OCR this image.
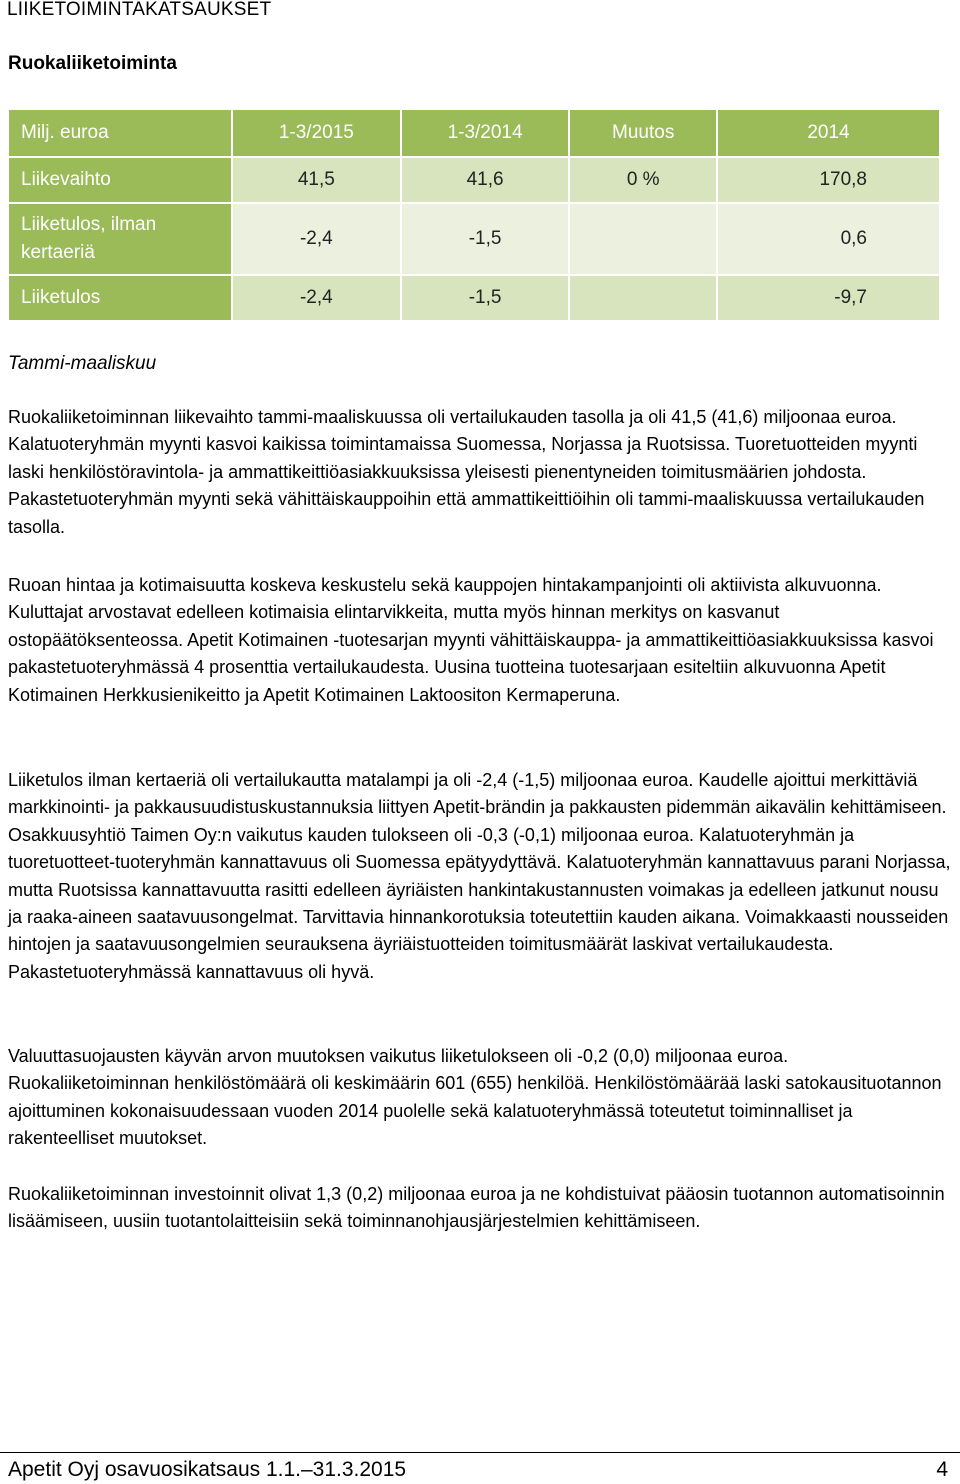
LIIKETOIMINTAKATSAUKSET
Ruokaliiketoiminta
Milj. euroa	1-3/2015	1-3/2014	Muutos	2014
Liikevaihto	41,5	41,6	0 %	170,8
Liiketulos, ilman kertaeriä	-2,4	-1,5		0,6
Liiketulos	-2,4	-1,5		-9,7
Tammi-maaliskuu

Ruokaliiketoiminnan liikevaihto tammi-maaliskuussa oli vertailukauden tasolla ja oli 41,5 (41,6) miljoonaa euroa. Kalatuoteryhmän myynti kasvoi kaikissa toimintamaissa Suomessa, Norjassa ja Ruotsissa. Tuoretuotteiden myynti laski henkilöstöravintola- ja ammattikeittiöasiakkuuksissa yleisesti pienentyneiden toimitusmäärien johdosta. Pakastetuoteryhmän myynti sekä vähittäiskauppoihin että ammattikeittiöihin oli tammi-maaliskuussa vertailukauden tasolla.

Ruoan hintaa ja kotimaisuutta koskeva keskustelu sekä kauppojen hintakampanjointi oli aktiivista alkuvuonna. Kuluttajat arvostavat edelleen kotimaisia elintarvikkeita, mutta myös hinnan merkitys on kasvanut ostopäätöksenteossa. Apetit Kotimainen -tuotesarjan myynti vähittäiskauppa- ja ammattikeittiöasiakkuuksissa kasvoi pakastetuoteryhmässä 4 prosenttia vertailukaudesta. Uusina tuotteina tuotesarjaan esiteltiin alkuvuonna Apetit Kotimainen Herkkusienikeitto ja Apetit Kotimainen Laktoositon Kermaperuna.

Liiketulos ilman kertaeriä oli vertailukautta matalampi ja oli -2,4 (-1,5) miljoonaa euroa. Kaudelle ajoittui merkittäviä markkinointi- ja pakkausuudistuskustannuksia liittyen Apetit-brändin ja pakkausten pidemmän aikavälin kehittämiseen. Osakkuusyhtiö Taimen Oy:n vaikutus kauden tulokseen oli -0,3 (-0,1) miljoonaa euroa. Kalatuoteryhmän ja tuoretuotteet-tuoteryhmän kannattavuus oli Suomessa epätyydyttävä. Kalatuoteryhmän kannattavuus parani Norjassa, mutta Ruotsissa kannattavuutta rasitti edelleen äyriäisten hankintakustannusten voimakas ja edelleen jatkunut nousu ja raaka-aineen saatavuusongelmat. Tarvittavia hinnankorotuksia toteutettiin kauden aikana. Voimakkaasti nousseiden hintojen ja saatavuusongelmien seurauksena äyriäistuotteiden toimitusmäärät laskivat vertailukaudesta. Pakastetuoteryhmässä kannattavuus oli hyvä.

Valuuttasuojausten käyvän arvon muutoksen vaikutus liiketulokseen oli -0,2 (0,0) miljoonaa euroa. Ruokaliiketoiminnan henkilöstömäärä oli keskimäärin 601 (655) henkilöä. Henkilöstömäärää laski satokausituotannon ajoittuminen kokonaisuudessaan vuoden 2014 puolelle sekä kalatuoteryhmässä toteutetut toiminnalliset ja rakenteelliset muutokset.

Ruokaliiketoiminnan investoinnit olivat 1,3 (0,2) miljoonaa euroa ja ne kohdistuivat pääosin tuotannon automatisoinnin lisäämiseen, uusiin tuotantolaitteisiin sekä toiminnanohjausjärjestelmien kehittämiseen.

Apetit Oyj osavuosikatsaus 1.1.–31.3.2015	4
